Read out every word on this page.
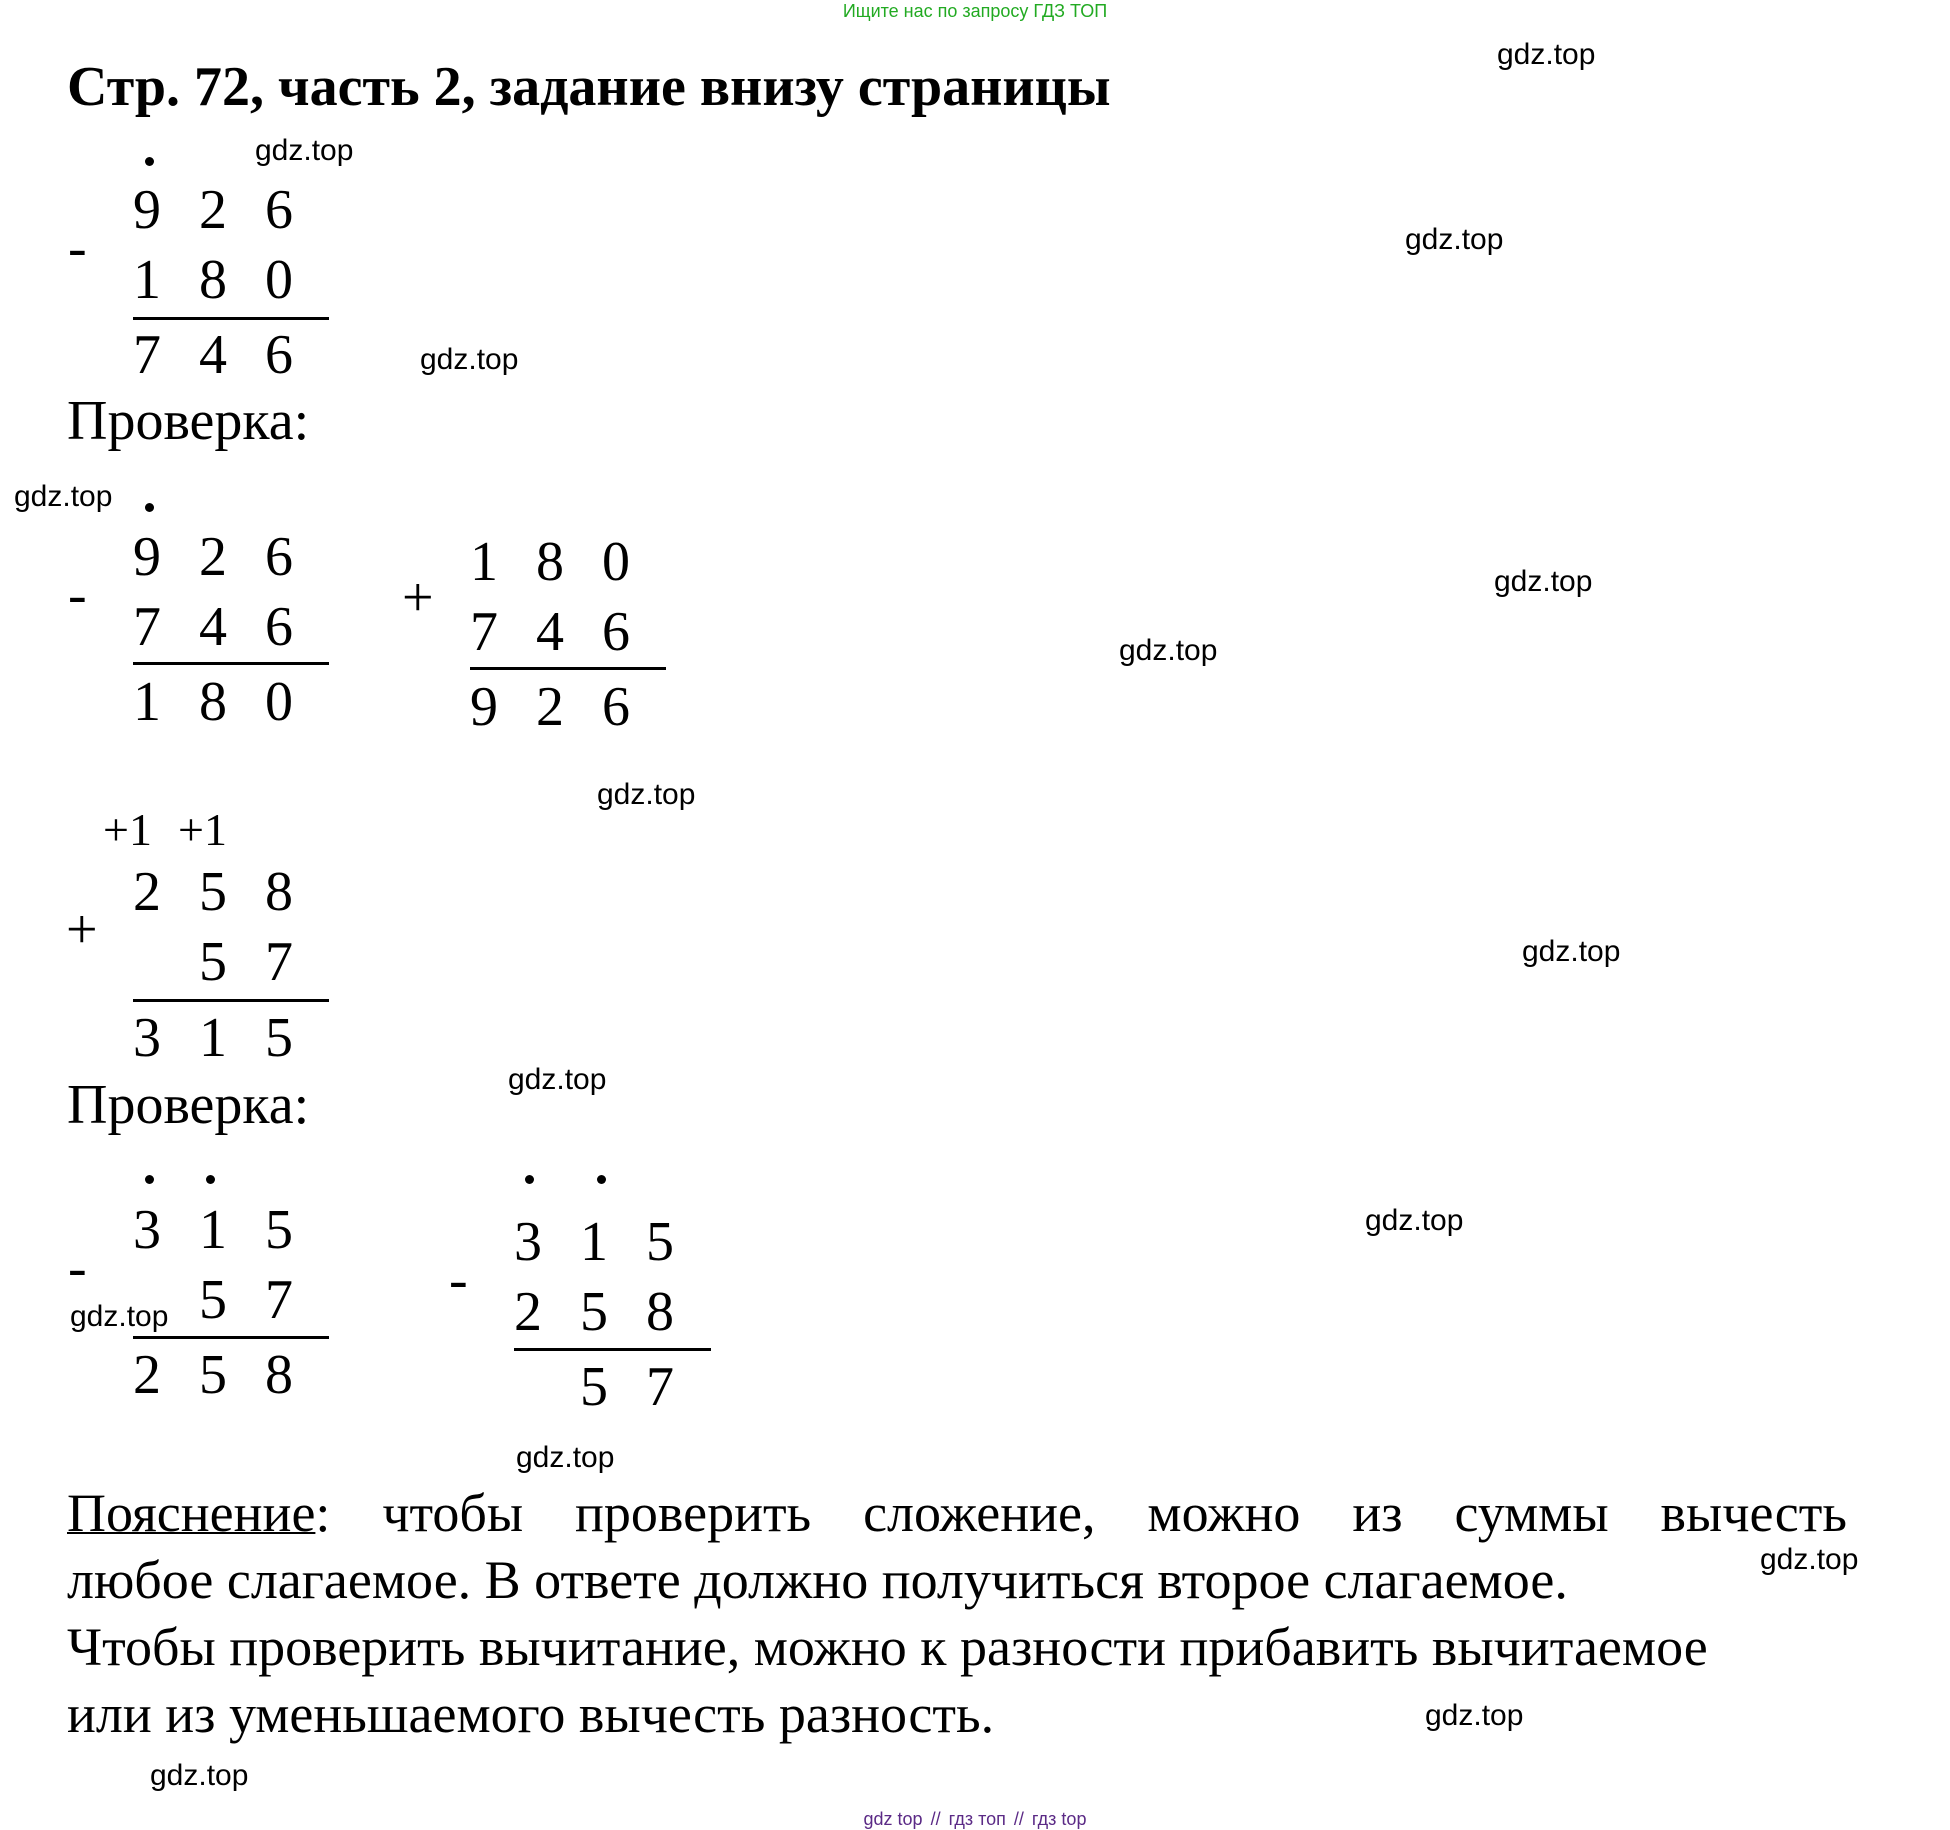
Ищите нас по запросу ГДЗ ТОП
Стр. 72, часть 2, задание внизу страницы
-
9 2 6
1 8 0
7 4 6
Проверка:
-
9 2 6
7 4 6
1 8 0
+
1 8 0
7 4 6
9 2 6
+1 +1
+
2 5 8
5 7
3 1 5
Проверка:
-
3 1 5
5 7
2 5 8
-
3 1 5
2 5 8
5 7
Пояснение: чтобы проверить сложение, можно из суммы вычесть
любое слагаемое. В ответе должно получиться второе слагаемое.
Чтобы проверить вычитание, можно к разности прибавить вычитаемое
или из уменьшаемого вычесть разность.
gdz.top
gdz.top
gdz.top
gdz.top
gdz.top
gdz.top
gdz.top
gdz.top
gdz.top
gdz.top
gdz.top
gdz.top
gdz.top
gdz.top
gdz.top
gdz.top
gdz top // гдз топ // гдз top
